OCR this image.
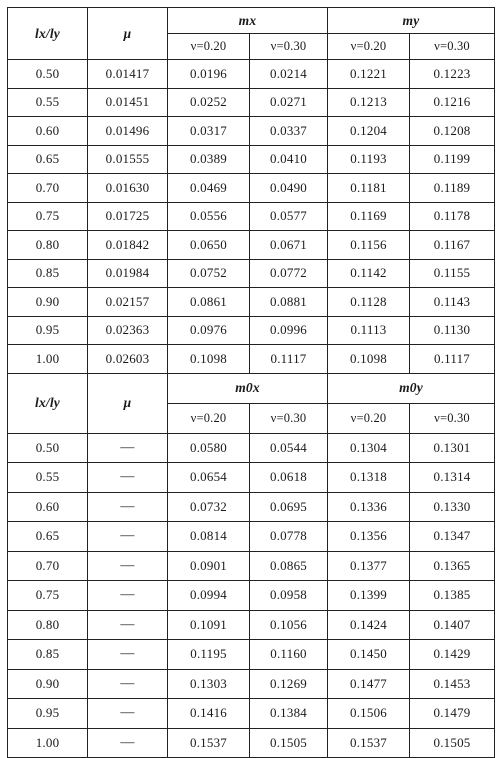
lx/ly	μ	mx		my	
		ν=0.20	ν=0.30	ν=0.20	ν=0.30
0.50	0.01417	0.0196	0.0214	0.1221	0.1223
0.55	0.01451	0.0252	0.0271	0.1213	0.1216
0.60	0.01496	0.0317	0.0337	0.1204	0.1208
0.65	0.01555	0.0389	0.0410	0.1193	0.1199
0.70	0.01630	0.0469	0.0490	0.1181	0.1189
0.75	0.01725	0.0556	0.0577	0.1169	0.1178
0.80	0.01842	0.0650	0.0671	0.1156	0.1167
0.85	0.01984	0.0752	0.0772	0.1142	0.1155
0.90	0.02157	0.0861	0.0881	0.1128	0.1143
0.95	0.02363	0.0976	0.0996	0.1113	0.1130
1.00	0.02603	0.1098	0.1117	0.1098	0.1117
lx/ly	μ	m0x		m0y	
		ν=0.20	ν=0.30	ν=0.20	ν=0.30
0.50	—	0.0580	0.0544	0.1304	0.1301
0.55	—	0.0654	0.0618	0.1318	0.1314
0.60	—	0.0732	0.0695	0.1336	0.1330
0.65	—	0.0814	0.0778	0.1356	0.1347
0.70	—	0.0901	0.0865	0.1377	0.1365
0.75	—	0.0994	0.0958	0.1399	0.1385
0.80	—	0.1091	0.1056	0.1424	0.1407
0.85	—	0.1195	0.1160	0.1450	0.1429
0.90	—	0.1303	0.1269	0.1477	0.1453
0.95	—	0.1416	0.1384	0.1506	0.1479
1.00	—	0.1537	0.1505	0.1537	0.1505
